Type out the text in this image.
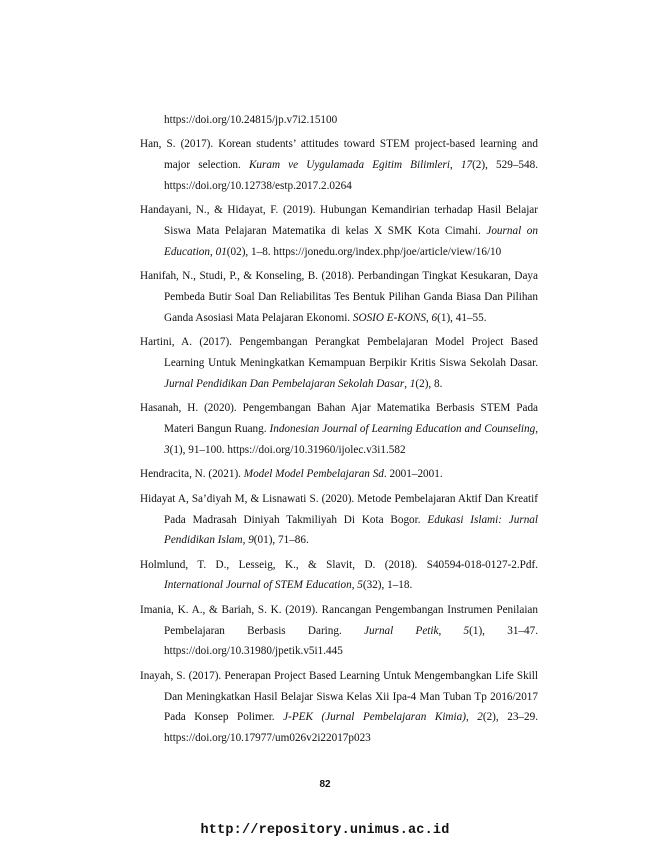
https://doi.org/10.24815/jp.v7i2.15100

Han, S. (2017). Korean students’ attitudes toward STEM project-based learning and major selection. Kuram ve Uygulamada Egitim Bilimleri, 17(2), 529–548. https://doi.org/10.12738/estp.2017.2.0264

Handayani, N., & Hidayat, F. (2019). Hubungan Kemandirian terhadap Hasil Belajar Siswa Mata Pelajaran Matematika di kelas X SMK Kota Cimahi. Journal on Education, 01(02), 1–8. https://jonedu.org/index.php/joe/article/view/16/10

Hanifah, N., Studi, P., & Konseling, B. (2018). Perbandingan Tingkat Kesukaran, Daya Pembeda Butir Soal Dan Reliabilitas Tes Bentuk Pilihan Ganda Biasa Dan Pilihan Ganda Asosiasi Mata Pelajaran Ekonomi. SOSIO E-KONS, 6(1), 41–55.

Hartini, A. (2017). Pengembangan Perangkat Pembelajaran Model Project Based Learning Untuk Meningkatkan Kemampuan Berpikir Kritis Siswa Sekolah Dasar. Jurnal Pendidikan Dan Pembelajaran Sekolah Dasar, 1(2), 8.

Hasanah, H. (2020). Pengembangan Bahan Ajar Matematika Berbasis STEM Pada Materi Bangun Ruang. Indonesian Journal of Learning Education and Counseling, 3(1), 91–100. https://doi.org/10.31960/ijolec.v3i1.582

Hendracita, N. (2021). Model Model Pembelajaran Sd. 2001–2001.

Hidayat A, Sa’diyah M, & Lisnawati S. (2020). Metode Pembelajaran Aktif Dan Kreatif Pada Madrasah Diniyah Takmiliyah Di Kota Bogor. Edukasi Islami: Jurnal Pendidikan Islam, 9(01), 71–86.

Holmlund, T. D., Lesseig, K., & Slavit, D. (2018). S40594-018-0127-2.Pdf. International Journal of STEM Education, 5(32), 1–18.

Imania, K. A., & Bariah, S. K. (2019). Rancangan Pengembangan Instrumen Penilaian Pembelajaran Berbasis Daring. Jurnal Petik, 5(1), 31–47. https://doi.org/10.31980/jpetik.v5i1.445

Inayah, S. (2017). Penerapan Project Based Learning Untuk Mengembangkan Life Skill Dan Meningkatkan Hasil Belajar Siswa Kelas Xii Ipa-4 Man Tuban Tp 2016/2017 Pada Konsep Polimer. J-PEK (Jurnal Pembelajaran Kimia), 2(2), 23–29. https://doi.org/10.17977/um026v2i22017p023

82
http://repository.unimus.ac.id
